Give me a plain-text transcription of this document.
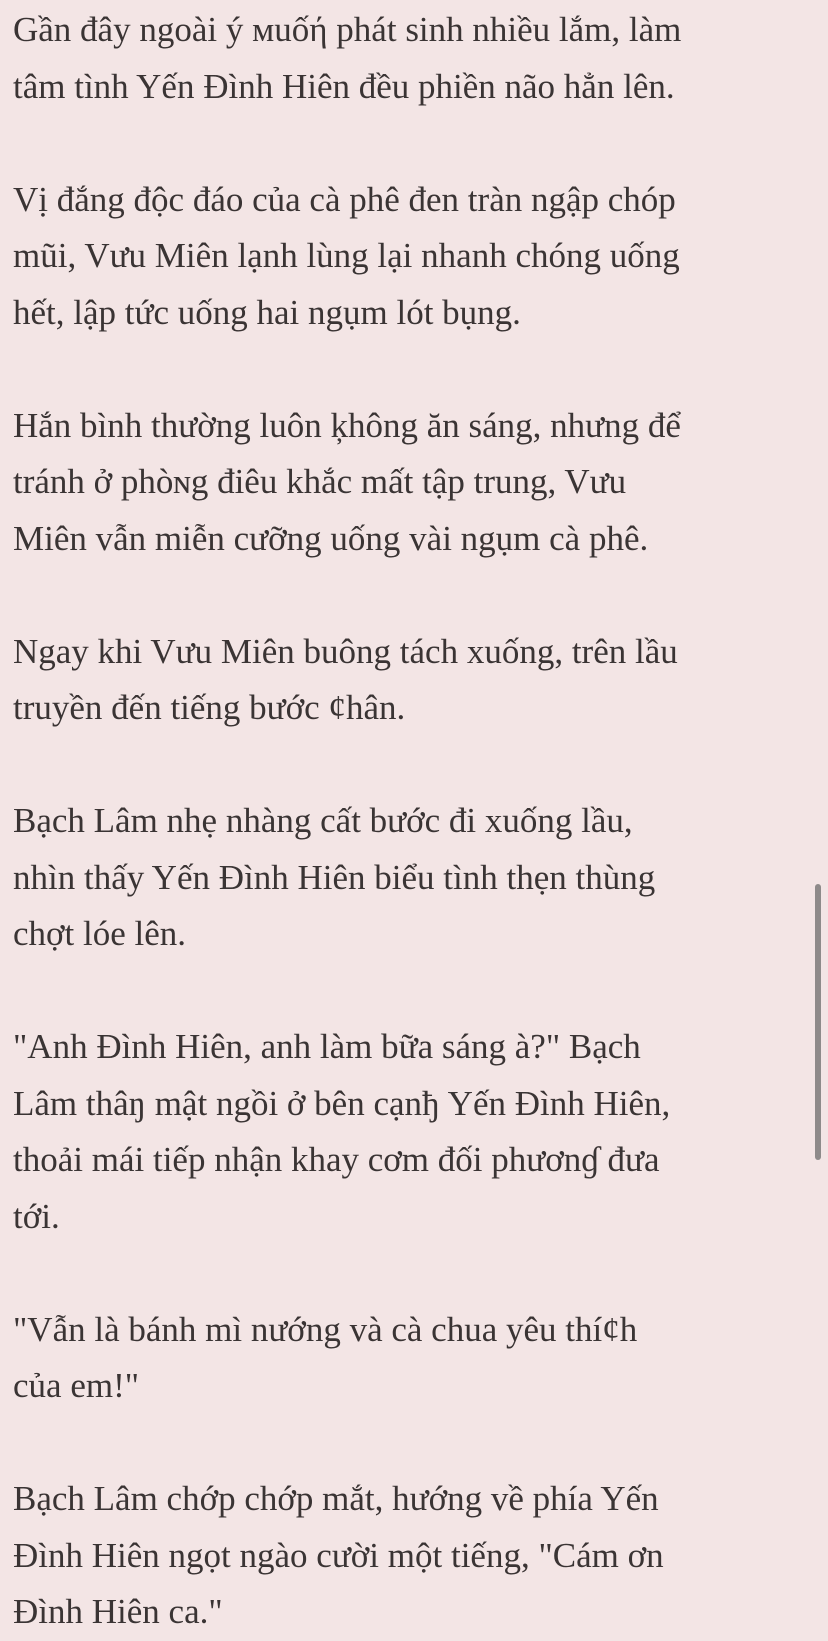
Gần đây ngoài ý мuốή phát sinh nhiều lắm, làm
tâm tình Yến Đình Hiên đều phiền não hẳn lên.
Vị đắng độc đáo của cà phê đen tràn ngập chóp
mũi, Vưu Miên lạnh lùng lại nhanh chóng uống
hết, lập tức uống hai ngụm lót bụng.
Hắn bình thường luôn ķhông ăn sáng, nhưng để
tránh ở phòɴg điêu khắc mất tập trung, Vưu
Miên vẫn miễn cưỡng uống vài ngụm cà phê.
Ngay khi Vưu Miên buông tách xuống, trên lầu
truyền đến tiếng bước ¢hân.
Bạch Lâm nhẹ nhàng cất bước đi xuống lầu,
nhìn thấy Yến Đình Hiên biểu tình thẹn thùng
chợt lóe lên.
"Anh Đình Hiên, anh làm bữa sáng à?" Bạch
Lâm thâŋ mật ngồi ở bên cạnђ Yến Đình Hiên,
thoải mái tiếp nhận khay cơm đối phươnɠ đưa
tới.
"Vẫn là bánh mì nướng và cà chua yêu thí¢h
của em!"
Bạch Lâm chớp chớp mắt, hướng về phía Yến
Đình Hiên ngọt ngào cười một tiếng, "Cám ơn
Đình Hiên ca."
